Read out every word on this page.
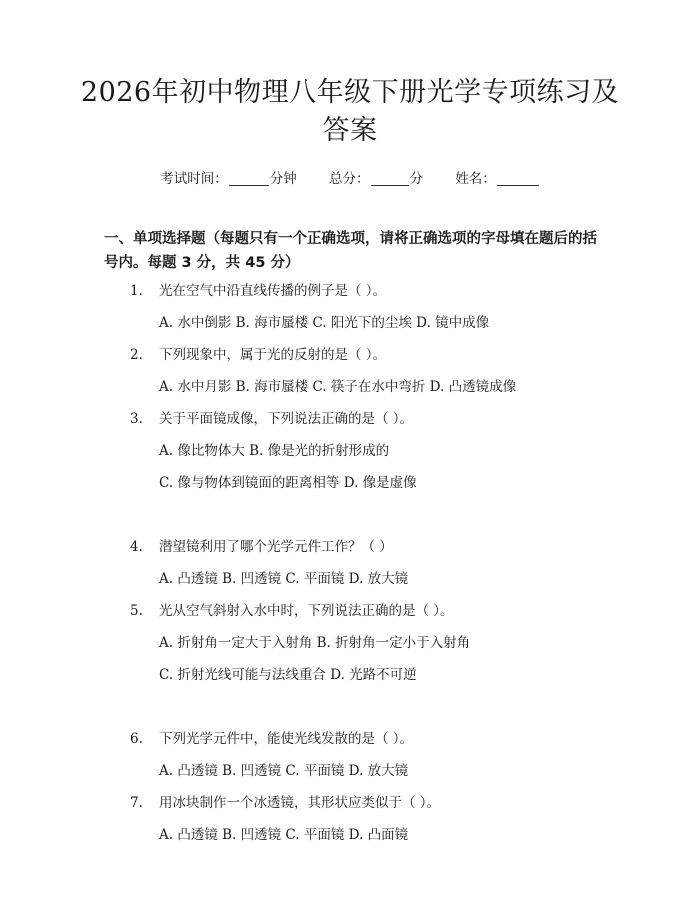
2026年初中物理八年级下册光学专项练习及答案
考试时间：	分钟 总分：	分 姓名：
一、单项选择题（每题只有一个正确选项，请将正确选项的字母填在题后的括号内。每题 3 分，共 45 分）
1. 光在空气中沿直线传播的例子是（ ）。
A. 水中倒影 B. 海市蜃楼 C. 阳光下的尘埃 D. 镜中成像
2. 下列现象中，属于光的反射的是（ ）。
A. 水中月影 B. 海市蜃楼 C. 筷子在水中弯折 D. 凸透镜成像
3. 关于平面镜成像，下列说法正确的是（ ）。
A. 像比物体大 B. 像是光的折射形成的
C. 像与物体到镜面的距离相等 D. 像是虚像
4. 潜望镜利用了哪个光学元件工作？（ ）
A. 凸透镜 B. 凹透镜 C. 平面镜 D. 放大镜
5. 光从空气斜射入水中时，下列说法正确的是（ ）。
A. 折射角一定大于入射角 B. 折射角一定小于入射角
C. 折射光线可能与法线重合 D. 光路不可逆
6. 下列光学元件中，能使光线发散的是（ ）。
A. 凸透镜 B. 凹透镜 C. 平面镜 D. 放大镜
7. 用冰块制作一个冰透镜，其形状应类似于（ ）。
A. 凸透镜 B. 凹透镜 C. 平面镜 D. 凸面镜
